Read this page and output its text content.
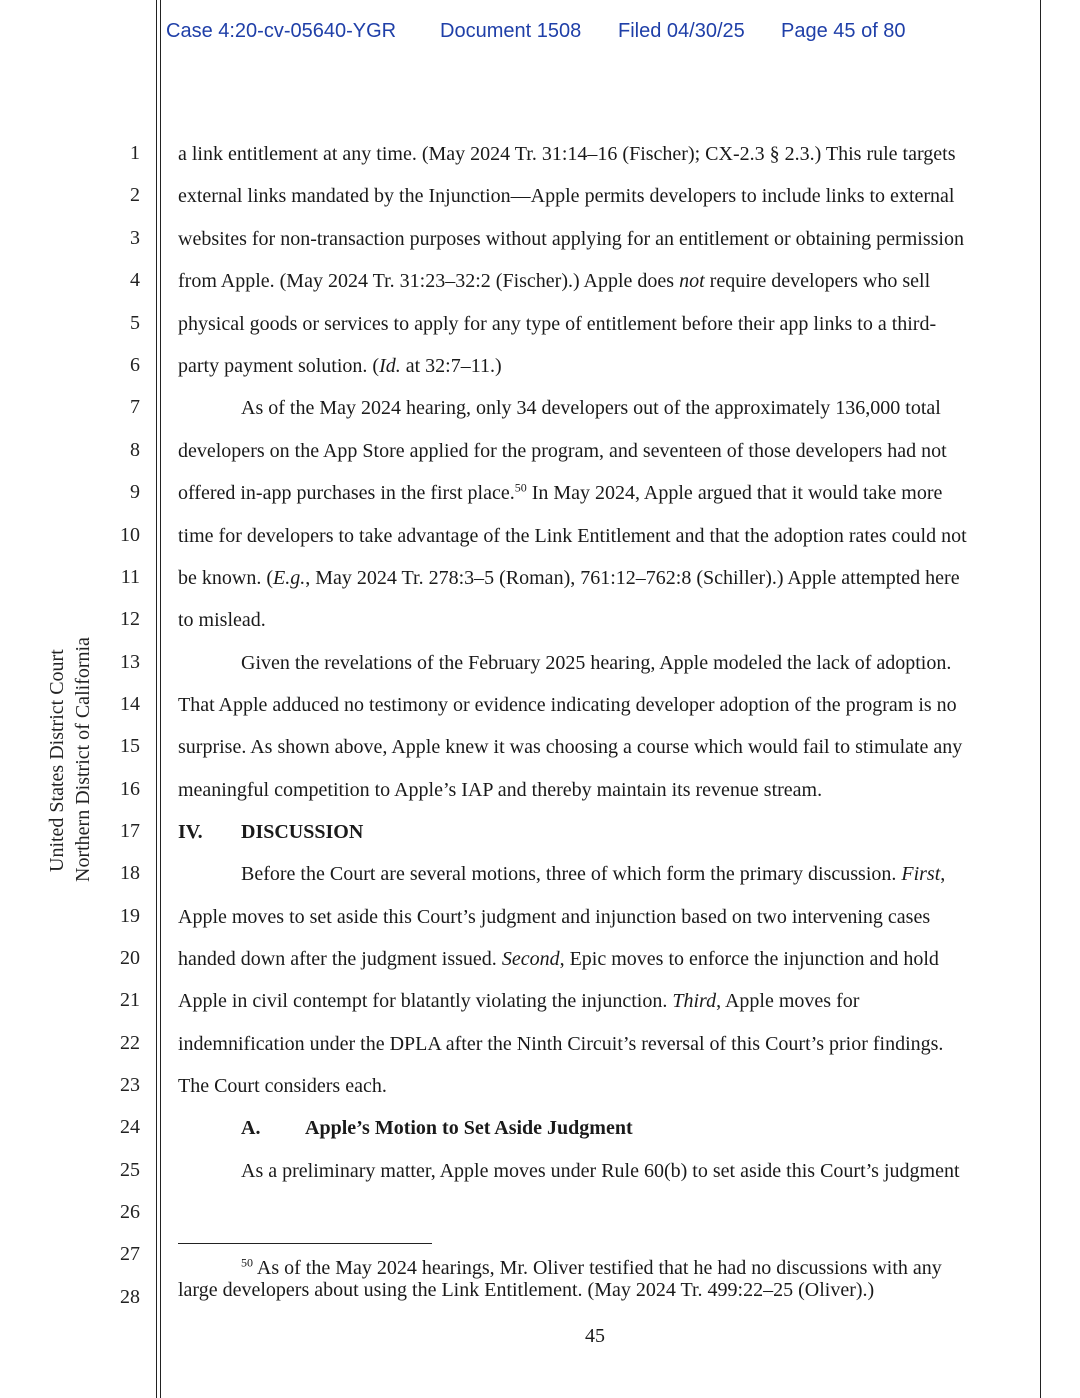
Case 4:20-cv-05640-YGR Document 1508 Filed 04/30/25 Page 45 of 80
United States District Court Northern District of California
1
2
3
4
5
6
7
8
9
10
11
12
13
14
15
16
17
18
19
20
21
22
23
24
25
26
27
28
a link entitlement at any time. (May 2024 Tr. 31:14–16 (Fischer); CX-2.3 § 2.3.) This rule targets
external links mandated by the Injunction—Apple permits developers to include links to external
websites for non-transaction purposes without applying for an entitlement or obtaining permission
from Apple. (May 2024 Tr. 31:23–32:2 (Fischer).) Apple does not require developers who sell
physical goods or services to apply for any type of entitlement before their app links to a third-
party payment solution. (Id. at 32:7–11.)
As of the May 2024 hearing, only 34 developers out of the approximately 136,000 total
developers on the App Store applied for the program, and seventeen of those developers had not
offered in-app purchases in the first place.$^{50}$ In May 2024, Apple argued that it would take more
time for developers to take advantage of the Link Entitlement and that the adoption rates could not
be known. (E.g., May 2024 Tr. 278:3–5 (Roman), 761:12–762:8 (Schiller).) Apple attempted here
to mislead.
Given the revelations of the February 2025 hearing, Apple modeled the lack of adoption.
That Apple adduced no testimony or evidence indicating developer adoption of the program is no
surprise. As shown above, Apple knew it was choosing a course which would fail to stimulate any
meaningful competition to Apple’s IAP and thereby maintain its revenue stream.
IV. DISCUSSION
Before the Court are several motions, three of which form the primary discussion. First,
Apple moves to set aside this Court’s judgment and injunction based on two intervening cases
handed down after the judgment issued. Second, Epic moves to enforce the injunction and hold
Apple in civil contempt for blatantly violating the injunction. Third, Apple moves for
indemnification under the DPLA after the Ninth Circuit’s reversal of this Court’s prior findings.
The Court considers each.
A. Apple’s Motion to Set Aside Judgment
As a preliminary matter, Apple moves under Rule 60(b) to set aside this Court’s judgment
$^{50}$ As of the May 2024 hearings, Mr. Oliver testified that he had no discussions with any
large developers about using the Link Entitlement. (May 2024 Tr. 499:22–25 (Oliver).)
45
